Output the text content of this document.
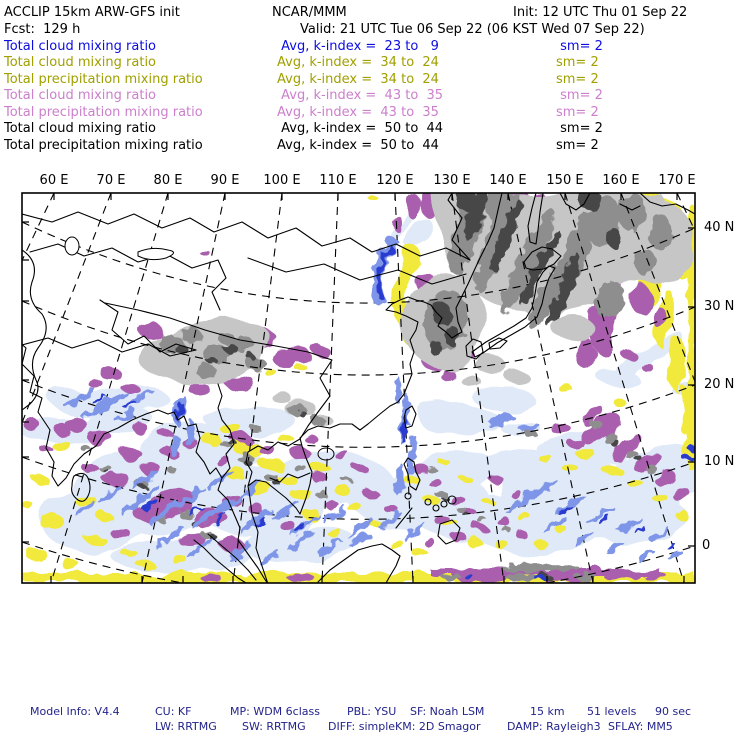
ACCLIP 15km ARW-GFS init	NCAR/MMM	Init: 12 UTC Thu 01 Sep 22
Fcst:  129 h	Valid: 21 UTC Tue 06 Sep 22 (06 KST Wed 07 Sep 22)
Total cloud mixing ratio	Avg, k-index =  23 to   9	sm= 2
Total cloud mixing ratio	Avg, k-index =  34 to  24	sm= 2
Total precipitation mixing ratio	Avg, k-index =  34 to  24	sm= 2
Total cloud mixing ratio	Avg, k-index =  43 to  35	sm= 2
Total precipitation mixing ratio	Avg, k-index =  43 to  35	sm= 2
Total cloud mixing ratio	Avg, k-index =  50 to  44	sm= 2
Total precipitation mixing ratio	Avg, k-index =  50 to  44	sm= 2
60 E 70 E 80 E 90 E 100 E 110 E 120 E 130 E 140 E 150 E 160 E 170 E
40 N
30 N
20 N
10 N
0
Model Info: V4.4	CU: KF	MP: WDM 6class PBL: YSU SF: Noah LSM	15 km 51 levels 90 sec
LW: RRTMG SW: RRTMG DIFF: simple KM: 2D Smagor DAMP: Rayleigh3 SFLAY: MM5
